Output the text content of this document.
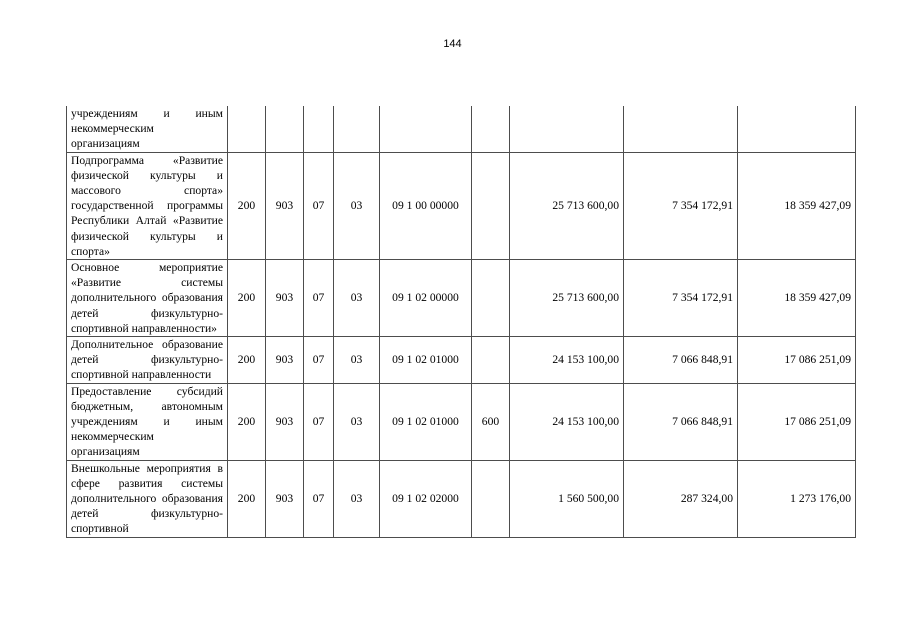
144
учреждениям и иным некоммерческим организациям									
Подпрограмма «Развитие физической культуры и массового спорта» государственной программы Республики Алтай «Развитие физической культуры и спорта»	200	903	07	03	09 1 00 00000		25 713 600,00	7 354 172,91	18 359 427,09
Основное мероприятие «Развитие системы дополнительного образования детей физкультурно-спортивной направленности»	200	903	07	03	09 1 02 00000		25 713 600,00	7 354 172,91	18 359 427,09
Дополнительное образование детей физкультурно-спортивной направленности	200	903	07	03	09 1 02 01000		24 153 100,00	7 066 848,91	17 086 251,09
Предоставление субсидий бюджетным, автономным учреждениям и иным некоммерческим организациям	200	903	07	03	09 1 02 01000	600	24 153 100,00	7 066 848,91	17 086 251,09
Внешкольные мероприятия в сфере развития системы дополнительного образования детей физкультурно-спортивной	200	903	07	03	09 1 02 02000		1 560 500,00	287 324,00	1 273 176,00
